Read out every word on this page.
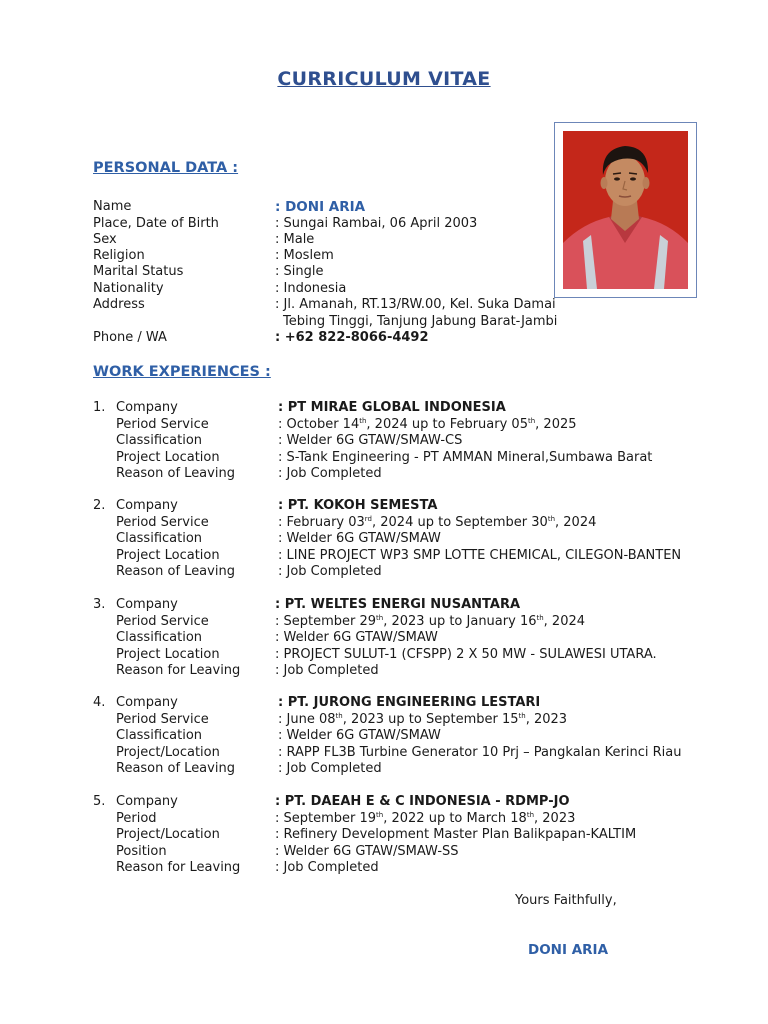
CURRICULUM VITAE
PERSONAL DATA :
Name	: DONI ARIA
Place, Date of Birth	: Sungai Rambai, 06 April 2003
Sex	: Male
Religion	: Moslem
Marital Status	: Single
Nationality	: Indonesia
Address	: Jl. Amanah, RT.13/RW.00, Kel. Suka Damai
Tebing Tinggi, Tanjung Jabung Barat-Jambi
Phone / WA	: +62 822-8066-4492
WORK EXPERIENCES :
1. Company	: PT MIRAE GLOBAL INDONESIA
Period Service	: October 14th, 2024 up to February 05th, 2025
Classification	: Welder 6G GTAW/SMAW-CS
Project Location	: S-Tank Engineering - PT AMMAN Mineral,Sumbawa Barat
Reason of Leaving	: Job Completed
2. Company	: PT. KOKOH SEMESTA
Period Service	: February 03rd, 2024 up to September 30th, 2024
Classification	: Welder 6G GTAW/SMAW
Project Location	: LINE PROJECT WP3 SMP LOTTE CHEMICAL, CILEGON-BANTEN
Reason of Leaving	: Job Completed
3. Company	: PT. WELTES ENERGI NUSANTARA
Period Service	: September 29th, 2023 up to January 16th, 2024
Classification	: Welder 6G GTAW/SMAW
Project Location	: PROJECT SULUT-1 (CFSPP) 2 X 50 MW - SULAWESI UTARA.
Reason for Leaving	: Job Completed
4. Company	: PT. JURONG ENGINEERING LESTARI
Period Service	: June 08th, 2023 up to September 15th, 2023
Classification	: Welder 6G GTAW/SMAW
Project/Location	: RAPP FL3B Turbine Generator 10 Prj – Pangkalan Kerinci Riau
Reason of Leaving	: Job Completed
5. Company	: PT. DAEAH E & C INDONESIA - RDMP-JO
Period	: September 19th, 2022 up to March 18th, 2023
Project/Location	: Refinery Development Master Plan Balikpapan-KALTIM
Position	: Welder 6G GTAW/SMAW-SS
Reason for Leaving	: Job Completed
Yours Faithfully,
DONI ARIA
